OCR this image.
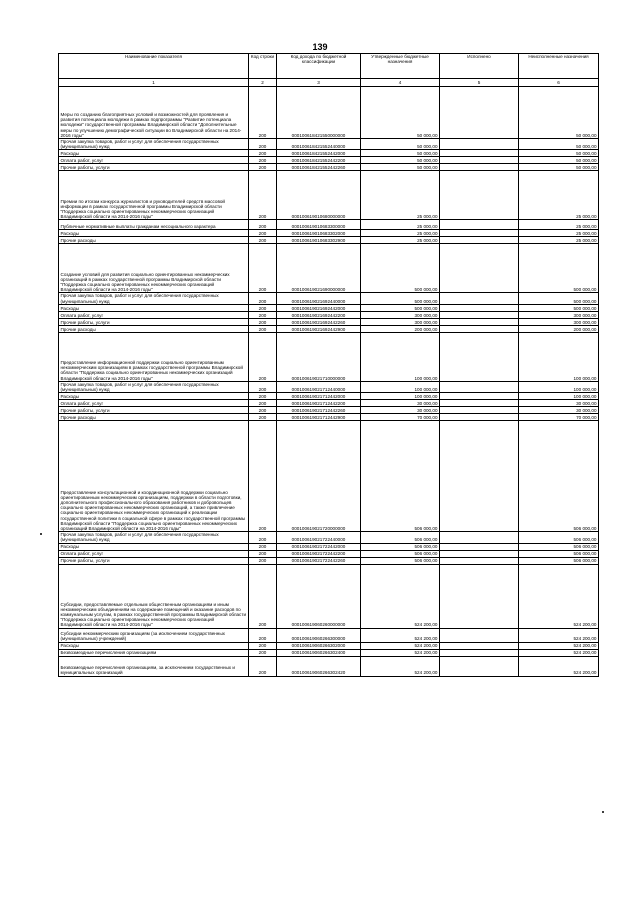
139
Наименование показателя	Код строки	Код дохода по бюджетной классификации	Утвержденные бюджетные назначения	Исполнено	Неисполненные назначения
1	2	3	4	5	6
Меры по созданию благоприятных условий и возможностей для проявления и развития потенциала молодежи в рамках подпрограммы "Развитие потенциала молодежи" государственной программы Владимирской области "Дополнительные меры по улучшению демографической ситуации во Владимирской области на 2014-2016 годы"	200	000100618421550000000	50 000,00		50 000,00
Прочая закупка товаров, работ и услуг для обеспечения государственных (муниципальных) нужд	200	000100618421552440000	50 000,00		50 000,00
Расходы	200	000100618421552442000	50 000,00		50 000,00
Оплата работ, услуг	200	000100618421552442200	50 000,00		50 000,00
Прочие работы, услуги	200	000100618421552442260	50 000,00		50 000,00
Премии по итогам конкурса журналистов и руководителей средств массовой информации в рамках государственной программы Владимирской области "Поддержка социально ориентированных некоммерческих организаций Владимирской области на 2014-2016 годы"	200	000100619010680000000	25 000,00		25 000,00
Публичные нормативные выплаты гражданам несоциального характера	200	000100619010683300000	25 000,00		25 000,00
Расходы	200	000100619010683302000	25 000,00		25 000,00
Прочие расходы	200	000100619010683302900	25 000,00		25 000,00
Создание условий для развития социально ориентированных некоммерческих организаций в рамках государственной программы Владимирской области "Поддержка социально ориентированных некоммерческих организаций Владимирской области на 2014-2016 годы"	200	000100619021690000000	500 000,00		500 000,00
Прочая закупка товаров, работ и услуг для обеспечения государственных (муниципальных) нужд	200	000100619021692440000	500 000,00		500 000,00
Расходы	200	000100619021692442000	500 000,00		500 000,00
Оплата работ, услуг	200	000100619021692442200	300 000,00		300 000,00
Прочие работы, услуги	200	000100619021692442260	300 000,00		300 000,00
Прочие расходы	200	000100619021692442900	200 000,00		200 000,00
Предоставление информационной поддержки социально ориентированным некоммерческим организациям в рамках государственной программы Владимирской области "Поддержка социально ориентированных некоммерческих организаций Владимирской области на 2014-2016 годы"	200	000100619021710000000	100 000,00		100 000,00
Прочая закупка товаров, работ и услуг для обеспечения государственных (муниципальных) нужд	200	000100619021712440000	100 000,00		100 000,00
Расходы	200	000100619021712442000	100 000,00		100 000,00
Оплата работ, услуг	200	000100619021712442200	30 000,00		30 000,00
Прочие работы, услуги	200	000100619021712442260	30 000,00		30 000,00
Прочие расходы	200	000100619021712442900	70 000,00		70 000,00
Предоставление консультационной и координационной поддержки социально ориентированным некоммерческим организациям, поддержки в области подготовки, дополнительного профессионального образования работников и добровольцев социально ориентированных некоммерческих организаций, а также привлечение социально ориентированных некоммерческих организаций к реализации государственной политики в социальной сфере в рамках государственной программы Владимирской области "Поддержка социально ориентированных некоммерческих организаций Владимирской области на 2014-2016 годы"	200	000100619021720000000	506 000,00		506 000,00
Прочая закупка товаров, работ и услуг для обеспечения государственных (муниципальных) нужд	200	000100619021722440000	506 000,00		506 000,00
Расходы	200	000100619021722442000	506 000,00		506 000,00
Оплата работ, услуг	200	000100619021722442200	506 000,00		506 000,00
Прочие работы, услуги	200	000100619021722442260	506 000,00		506 000,00
Субсидии, предоставляемые отдельным общественным организациям и иным некоммерческим объединениям на содержание помещений и оказание расходов по коммунальным услугам, в рамках государственной программы Владимирской области "Поддержка социально ориентированных некоммерческих организаций Владимирской области на 2014-2016 годы"	200	000100619060260000000	524 200,00		524 200,00
Субсидии некоммерческим организациям (за исключением государственных (муниципальных) учреждений)	200	000100619060266300000	524 200,00		524 200,00
Расходы	200	000100619060266302000	524 200,00		524 200,00
Безвозмездные перечисления организациям	200	000100619060266302400	524 200,00		524 200,00
Безвозмездные перечисления организациям, за исключением государственных и муниципальных организаций	200	000100619060266302420	524 200,00		524 200,00
